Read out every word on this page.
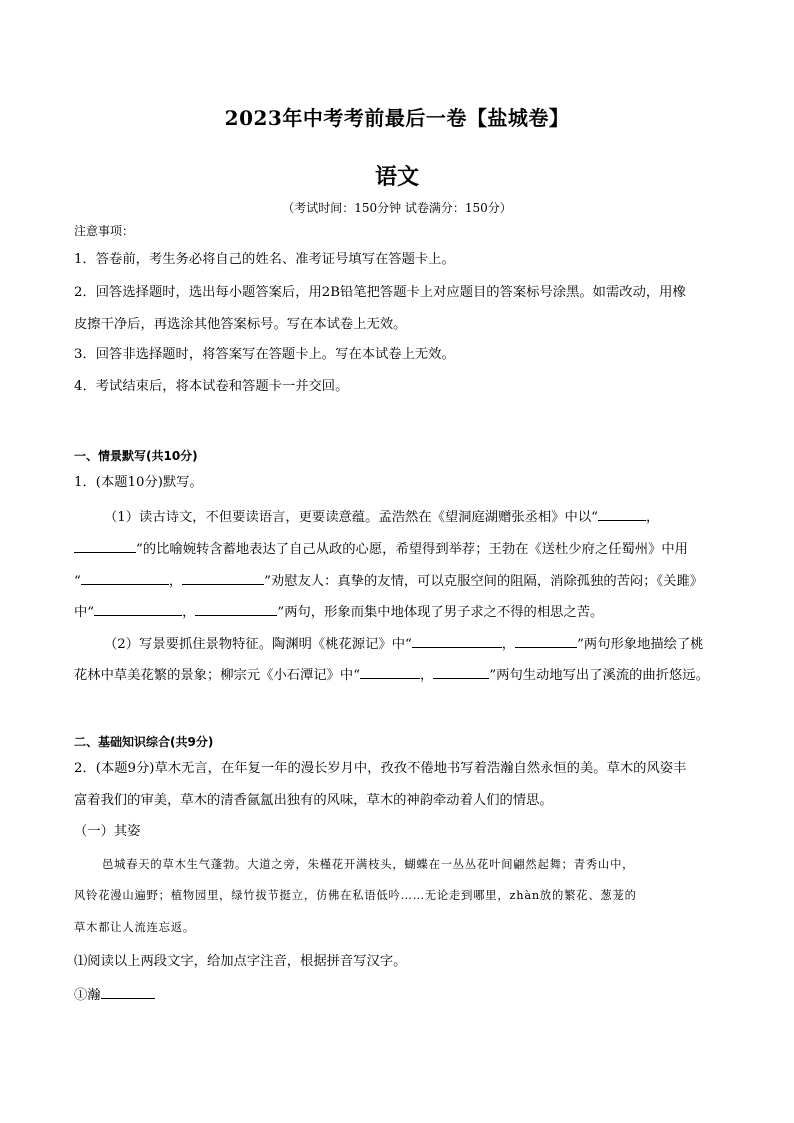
2023年中考考前最后一卷【盐城卷】
语文
（考试时间：150分钟 试卷满分：150分）
注意事项：
1．答卷前，考生务必将自己的姓名、准考证号填写在答题卡上。
2．回答选择题时，选出每小题答案后，用2B铅笔把答题卡上对应题目的答案标号涂黑。如需改动，用橡
皮擦干净后，再选涂其他答案标号。写在本试卷上无效。
3．回答非选择题时，将答案写在答题卡上。写在本试卷上无效。
4．考试结束后，将本试卷和答题卡一并交回。
一、情景默写(共10分)
1．(本题10分)默写。
（1）读古诗文，不但要读语言，更要读意蕴。孟浩然在《望洞庭湖赠张丞相》中以“	，
”的比喻婉转含蓄地表达了自己从政的心愿，希望得到举荐；王勃在《送杜少府之任蜀州》中用
“	，	”劝慰友人：真挚的友情，可以克服空间的阻隔，消除孤独的苦闷；《关雎》
中“	，	”两句，形象而集中地体现了男子求之不得的相思之苦。
（2）写景要抓住景物特征。陶渊明《桃花源记》中“	，	”两句形象地描绘了桃
花林中草美花繁的景象；柳宗元《小石潭记》中“	，	”两句生动地写出了溪流的曲折悠远。
二、基础知识综合(共9分)
2．(本题9分)草木无言，在年复一年的漫长岁月中，孜孜不倦地书写着浩瀚自然永恒的美。草木的风姿丰
富着我们的审美，草木的清香氤氲出独有的风味，草木的神韵牵动着人们的情思。
（一）其姿
邑城春天的草木生气蓬勃。大道之旁，朱槿花开满枝头，蝴蝶在一丛丛花叶间翩然起舞；青秀山中，
风铃花漫山遍野；植物园里，绿竹拔节挺立，仿佛在私语低吟……无论走到哪里，zhàn放的繁花、葱茏的
草木都让人流连忘返。
⑴阅读以上两段文字，给加点字注音，根据拼音写汉字。
①瀚
